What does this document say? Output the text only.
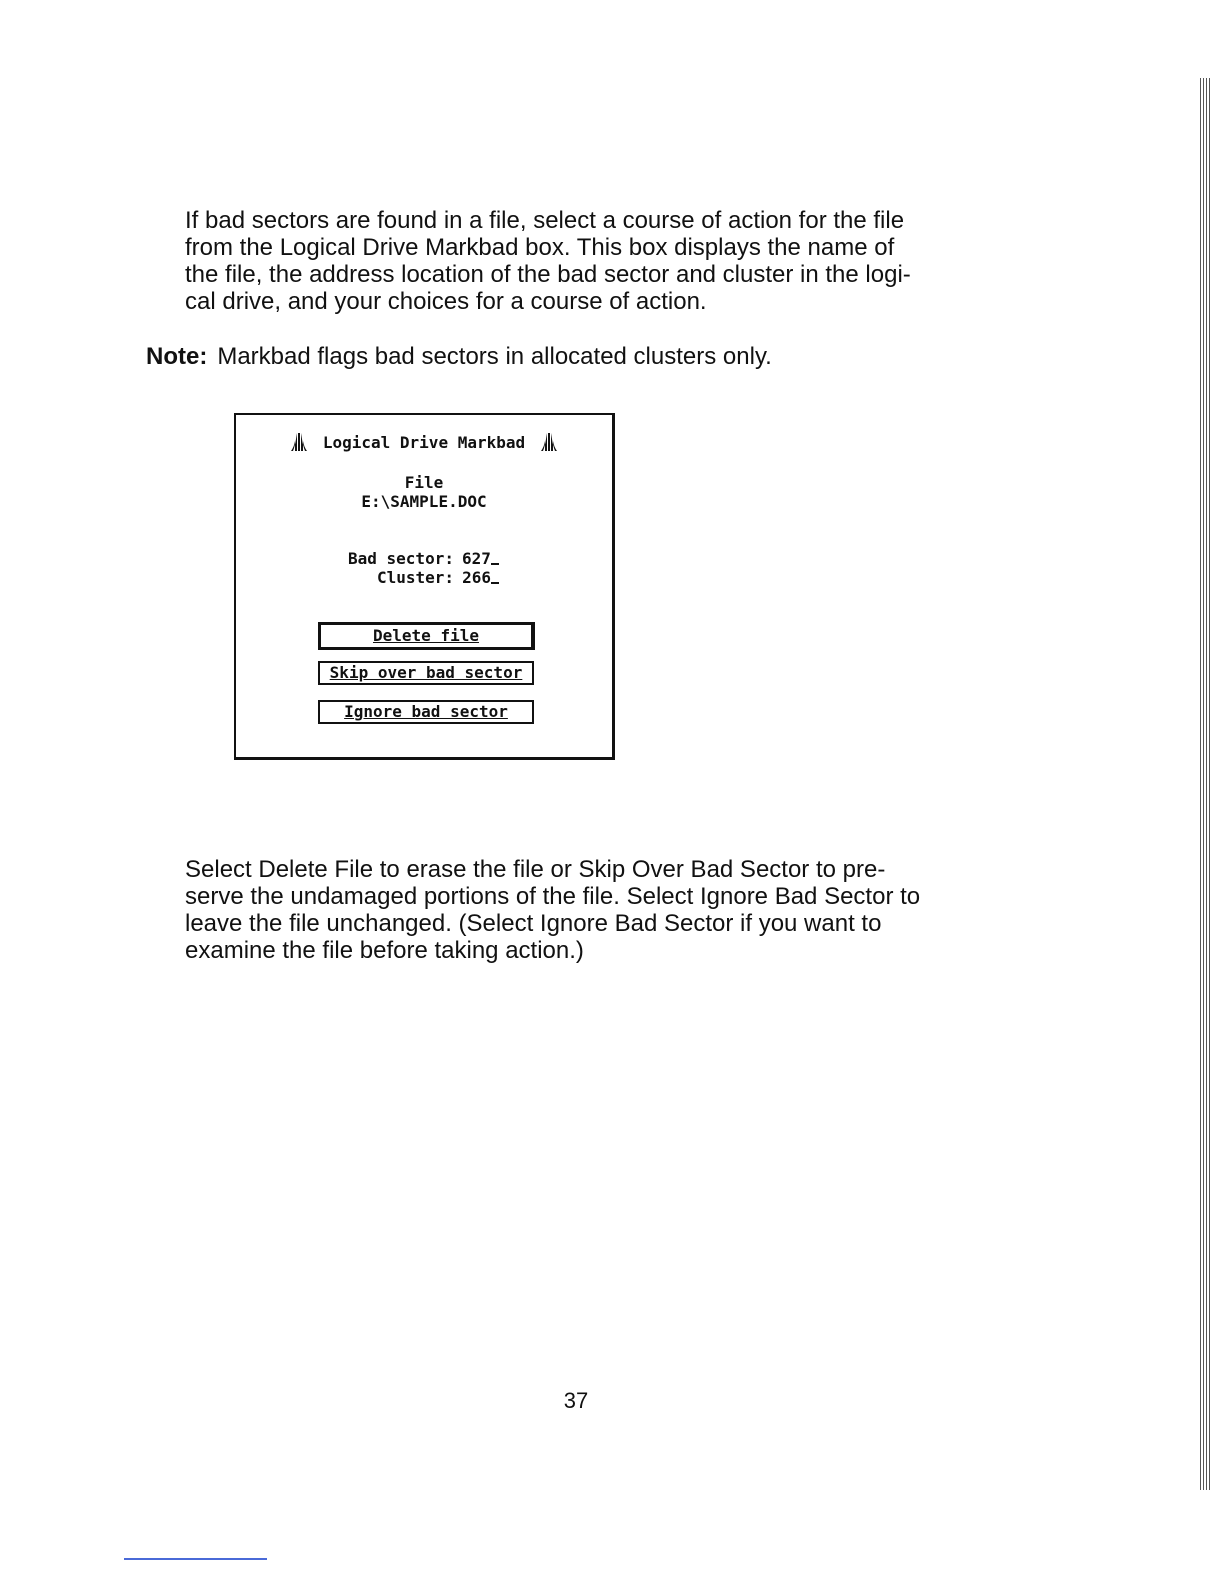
If bad sectors are found in a file, select a course of action for the file
from the Logical Drive Markbad box. This box displays the name of
the file, the address location of the bad sector and cluster in the logi-
cal drive, and your choices for a course of action.
Note: Markbad flags bad sectors in allocated clusters only.
Logical Drive Markbad
File
E:\SAMPLE.DOC
Bad sector: 627
Cluster: 266
Delete file
Skip over bad sector
Ignore bad sector
Select Delete File to erase the file or Skip Over Bad Sector to pre-
serve the undamaged portions of the file. Select Ignore Bad Sector to
leave the file unchanged. (Select Ignore Bad Sector if you want to
examine the file before taking action.)
37
